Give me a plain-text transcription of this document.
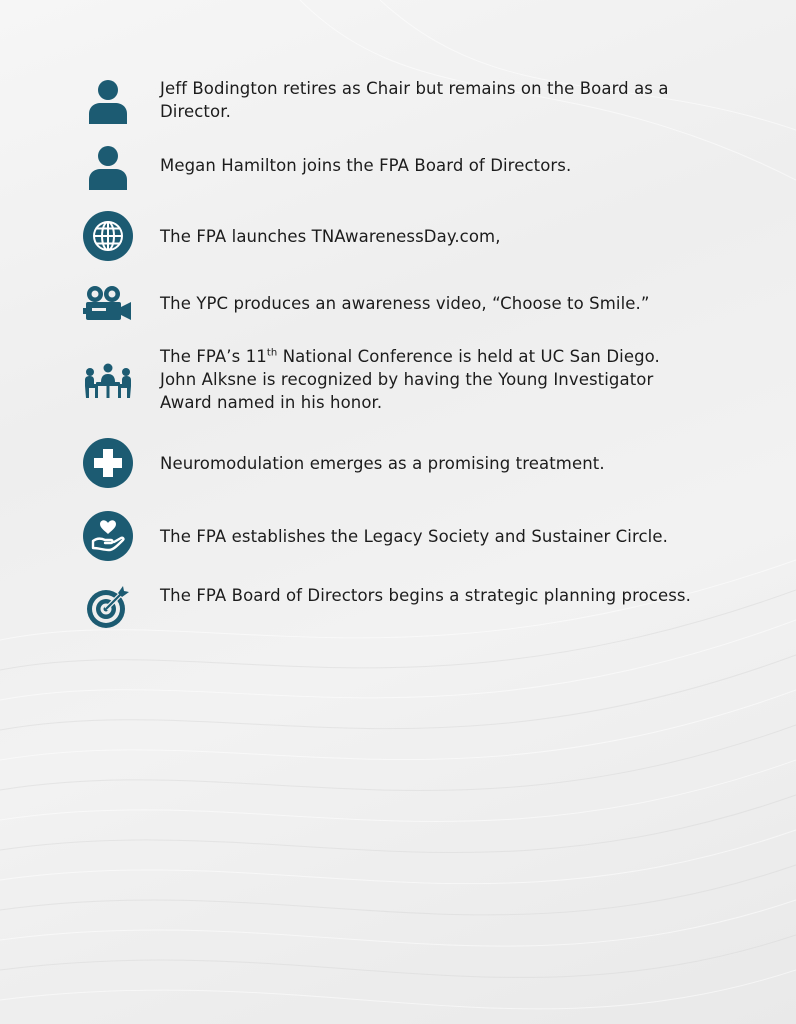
Jeff Bodington retires as Chair but remains on the Board as a Director.
Megan Hamilton joins the FPA Board of Directors.
The FPA launches TNAwarenessDay.com,
The YPC produces an awareness video, “Choose to Smile.”
The FPA’s 11th National Conference is held at UC San Diego. John Alksne is recognized by having the Young Investigator Award named in his honor.
Neuromodulation emerges as a promising treatment.
The FPA establishes the Legacy Society and Sustainer Circle.
The FPA Board of Directors begins a strategic planning process.
